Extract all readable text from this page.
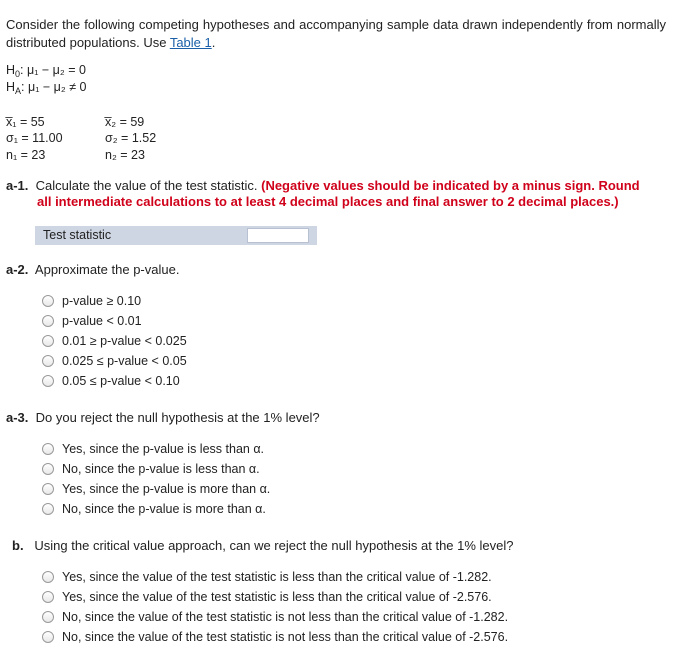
Consider the following competing hypotheses and accompanying sample data drawn independently from normally distributed populations. Use Table 1.
$H_0$: μ₁ − μ₂ = 0
$H_A$: μ₁ − μ₂ ≠ 0
x̅₁ = 55
σ₁ = 11.00
n₁ = 23
x̅₂ = 59
σ₂ = 1.52
n₂ = 23
a-1. Calculate the value of the test statistic. (Negative values should be indicated by a minus sign. Round
all intermediate calculations to at least 4 decimal places and final answer to 2 decimal places.)
Test statistic
a-2. Approximate the p-value.
p-value ≥ 0.10
p-value < 0.01
0.01 ≥ p-value < 0.025
0.025 ≤ p-value < 0.05
0.05 ≤ p-value < 0.10
a-3. Do you reject the null hypothesis at the 1% level?
Yes, since the p-value is less than α.
No, since the p-value is less than α.
Yes, since the p-value is more than α.
No, since the p-value is more than α.
b. Using the critical value approach, can we reject the null hypothesis at the 1% level?
Yes, since the value of the test statistic is less than the critical value of -1.282.
Yes, since the value of the test statistic is less than the critical value of -2.576.
No, since the value of the test statistic is not less than the critical value of -1.282.
No, since the value of the test statistic is not less than the critical value of -2.576.
